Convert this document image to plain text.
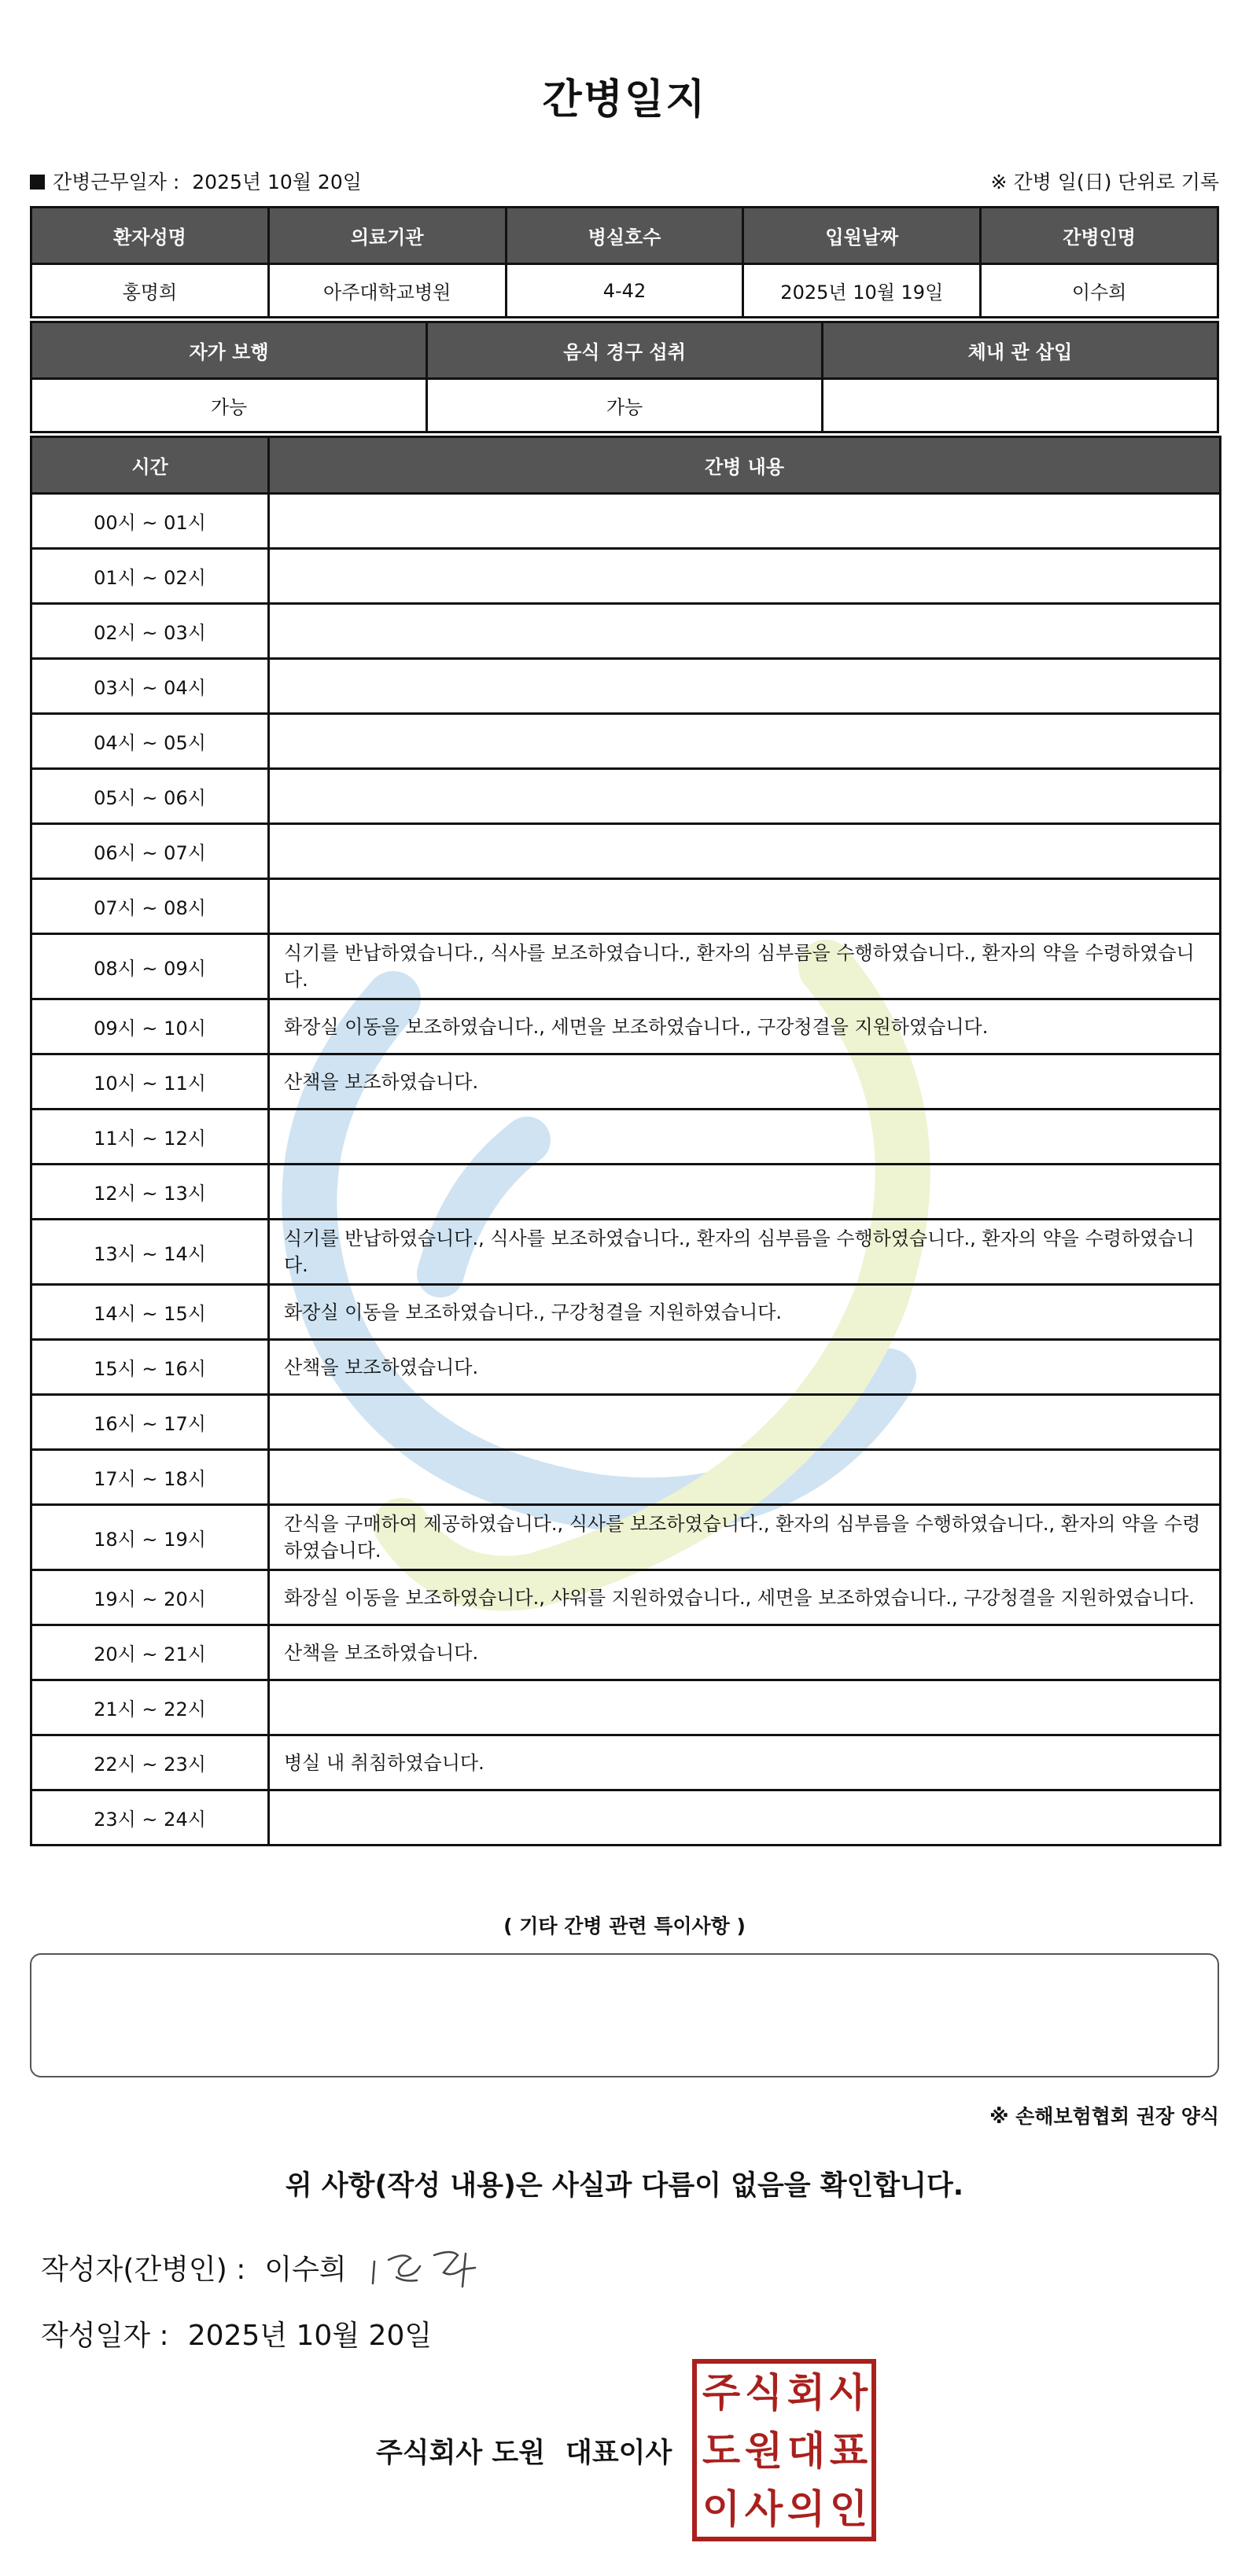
간병일지
간병근무일자 : 2025년 10월 20일	※ 간병 일(日) 단위로 기록
환자성명	의료기관	병실호수	입원날짜	간병인명
홍명희	아주대학교병원	4-42	2025년 10월 19일	이수희
자가 보행	음식 경구 섭취	체내 관 삽입
가능	가능	
시간	간병 내용
00시 ~ 01시	
01시 ~ 02시	
02시 ~ 03시	
03시 ~ 04시	
04시 ~ 05시	
05시 ~ 06시	
06시 ~ 07시	
07시 ~ 08시	
08시 ~ 09시	식기를 반납하였습니다., 식사를 보조하였습니다., 환자의 심부름을 수행하였습니다., 환자의 약을 수령하였습니다.
09시 ~ 10시	화장실 이동을 보조하였습니다., 세면을 보조하였습니다., 구강청결을 지원하였습니다.
10시 ~ 11시	산책을 보조하였습니다.
11시 ~ 12시	
12시 ~ 13시	
13시 ~ 14시	식기를 반납하였습니다., 식사를 보조하였습니다., 환자의 심부름을 수행하였습니다., 환자의 약을 수령하였습니다.
14시 ~ 15시	화장실 이동을 보조하였습니다., 구강청결을 지원하였습니다.
15시 ~ 16시	산책을 보조하였습니다.
16시 ~ 17시	
17시 ~ 18시	
18시 ~ 19시	간식을 구매하여 제공하였습니다., 식사를 보조하였습니다., 환자의 심부름을 수행하였습니다., 환자의 약을 수령하였습니다.
19시 ~ 20시	화장실 이동을 보조하였습니다., 샤워를 지원하였습니다., 세면을 보조하였습니다., 구강청결을 지원하였습니다.
20시 ~ 21시	산책을 보조하였습니다.
21시 ~ 22시	
22시 ~ 23시	병실 내 취침하였습니다.
23시 ~ 24시	
( 기타 간병 관련 특이사항 )
※ 손해보험협회 권장 양식
위 사항(작성 내용)은 사실과 다름이 없음을 확인합니다.
작성자(간병인) : 이수희
작성일자 : 2025년 10월 20일
주식회사 도원 대표이사
주 식 회 사
도 원 대 표
이 사 의 인
